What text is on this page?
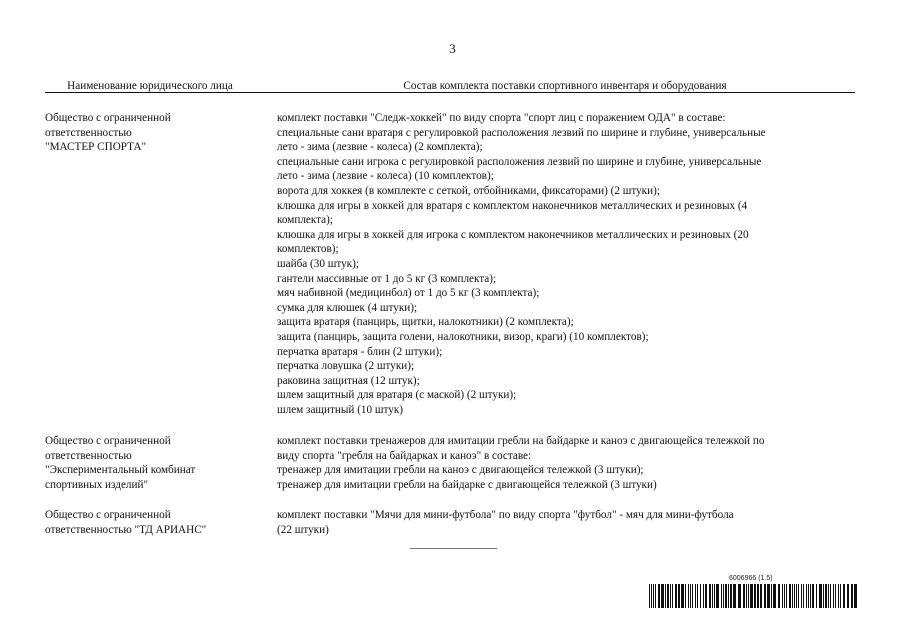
3
Наименование юридического лица	Состав комплекта поставки спортивного инвентаря и оборудования
Общество с ограниченной
ответственностью
"МАСТЕР СПОРТА"
комплект поставки "Следж-хоккей" по виду спорта "спорт лиц с поражением ОДА" в составе:
специальные сани вратаря с регулировкой расположения лезвий по ширине и глубине, универсальные
лето - зима (лезвие - колеса) (2 комплекта);
специальные сани игрока с регулировкой расположения лезвий по ширине и глубине, универсальные
лето - зима (лезвие - колеса) (10 комплектов);
ворота для хоккея (в комплекте с сеткой, отбойниками, фиксаторами) (2 штуки);
клюшка для игры в хоккей для вратаря с комплектом наконечников металлических и резиновых (4
комплекта);
клюшка для игры в хоккей для игрока с комплектом наконечников металлических и резиновых (20
комплектов);
шайба (30 штук);
гантели массивные от 1 до 5 кг (3 комплекта);
мяч набивной (медицинбол) от 1 до 5 кг (3 комплекта);
сумка для клюшек (4 штуки);
защита вратаря (панцирь, щитки, налокотники) (2 комплекта);
защита (панцирь, защита голени, налокотники, визор, краги) (10 комплектов);
перчатка вратаря - блин (2 штуки);
перчатка ловушка (2 штуки);
раковина защитная (12 штук);
шлем защитный для вратаря (с маской) (2 штуки);
шлем защитный (10 штук)
Общество с ограниченной
ответственностью
"Экспериментальный комбинат
спортивных изделий"
комплект поставки тренажеров для имитации гребли на байдарке и каноэ с двигающейся тележкой по
виду спорта "гребля на байдарках и каноэ" в составе:
тренажер для имитации гребли на каноэ с двигающейся тележкой (3 штуки);
тренажер для имитации гребли на байдарке с двигающейся тележкой (3 штуки)
Общество с ограниченной
ответственностью "ТД АРИАНС"
комплект поставки "Мячи для мини-футбола" по виду спорта "футбол" - мяч для мини-футбола
(22 штуки)
6006966 (1.5)
